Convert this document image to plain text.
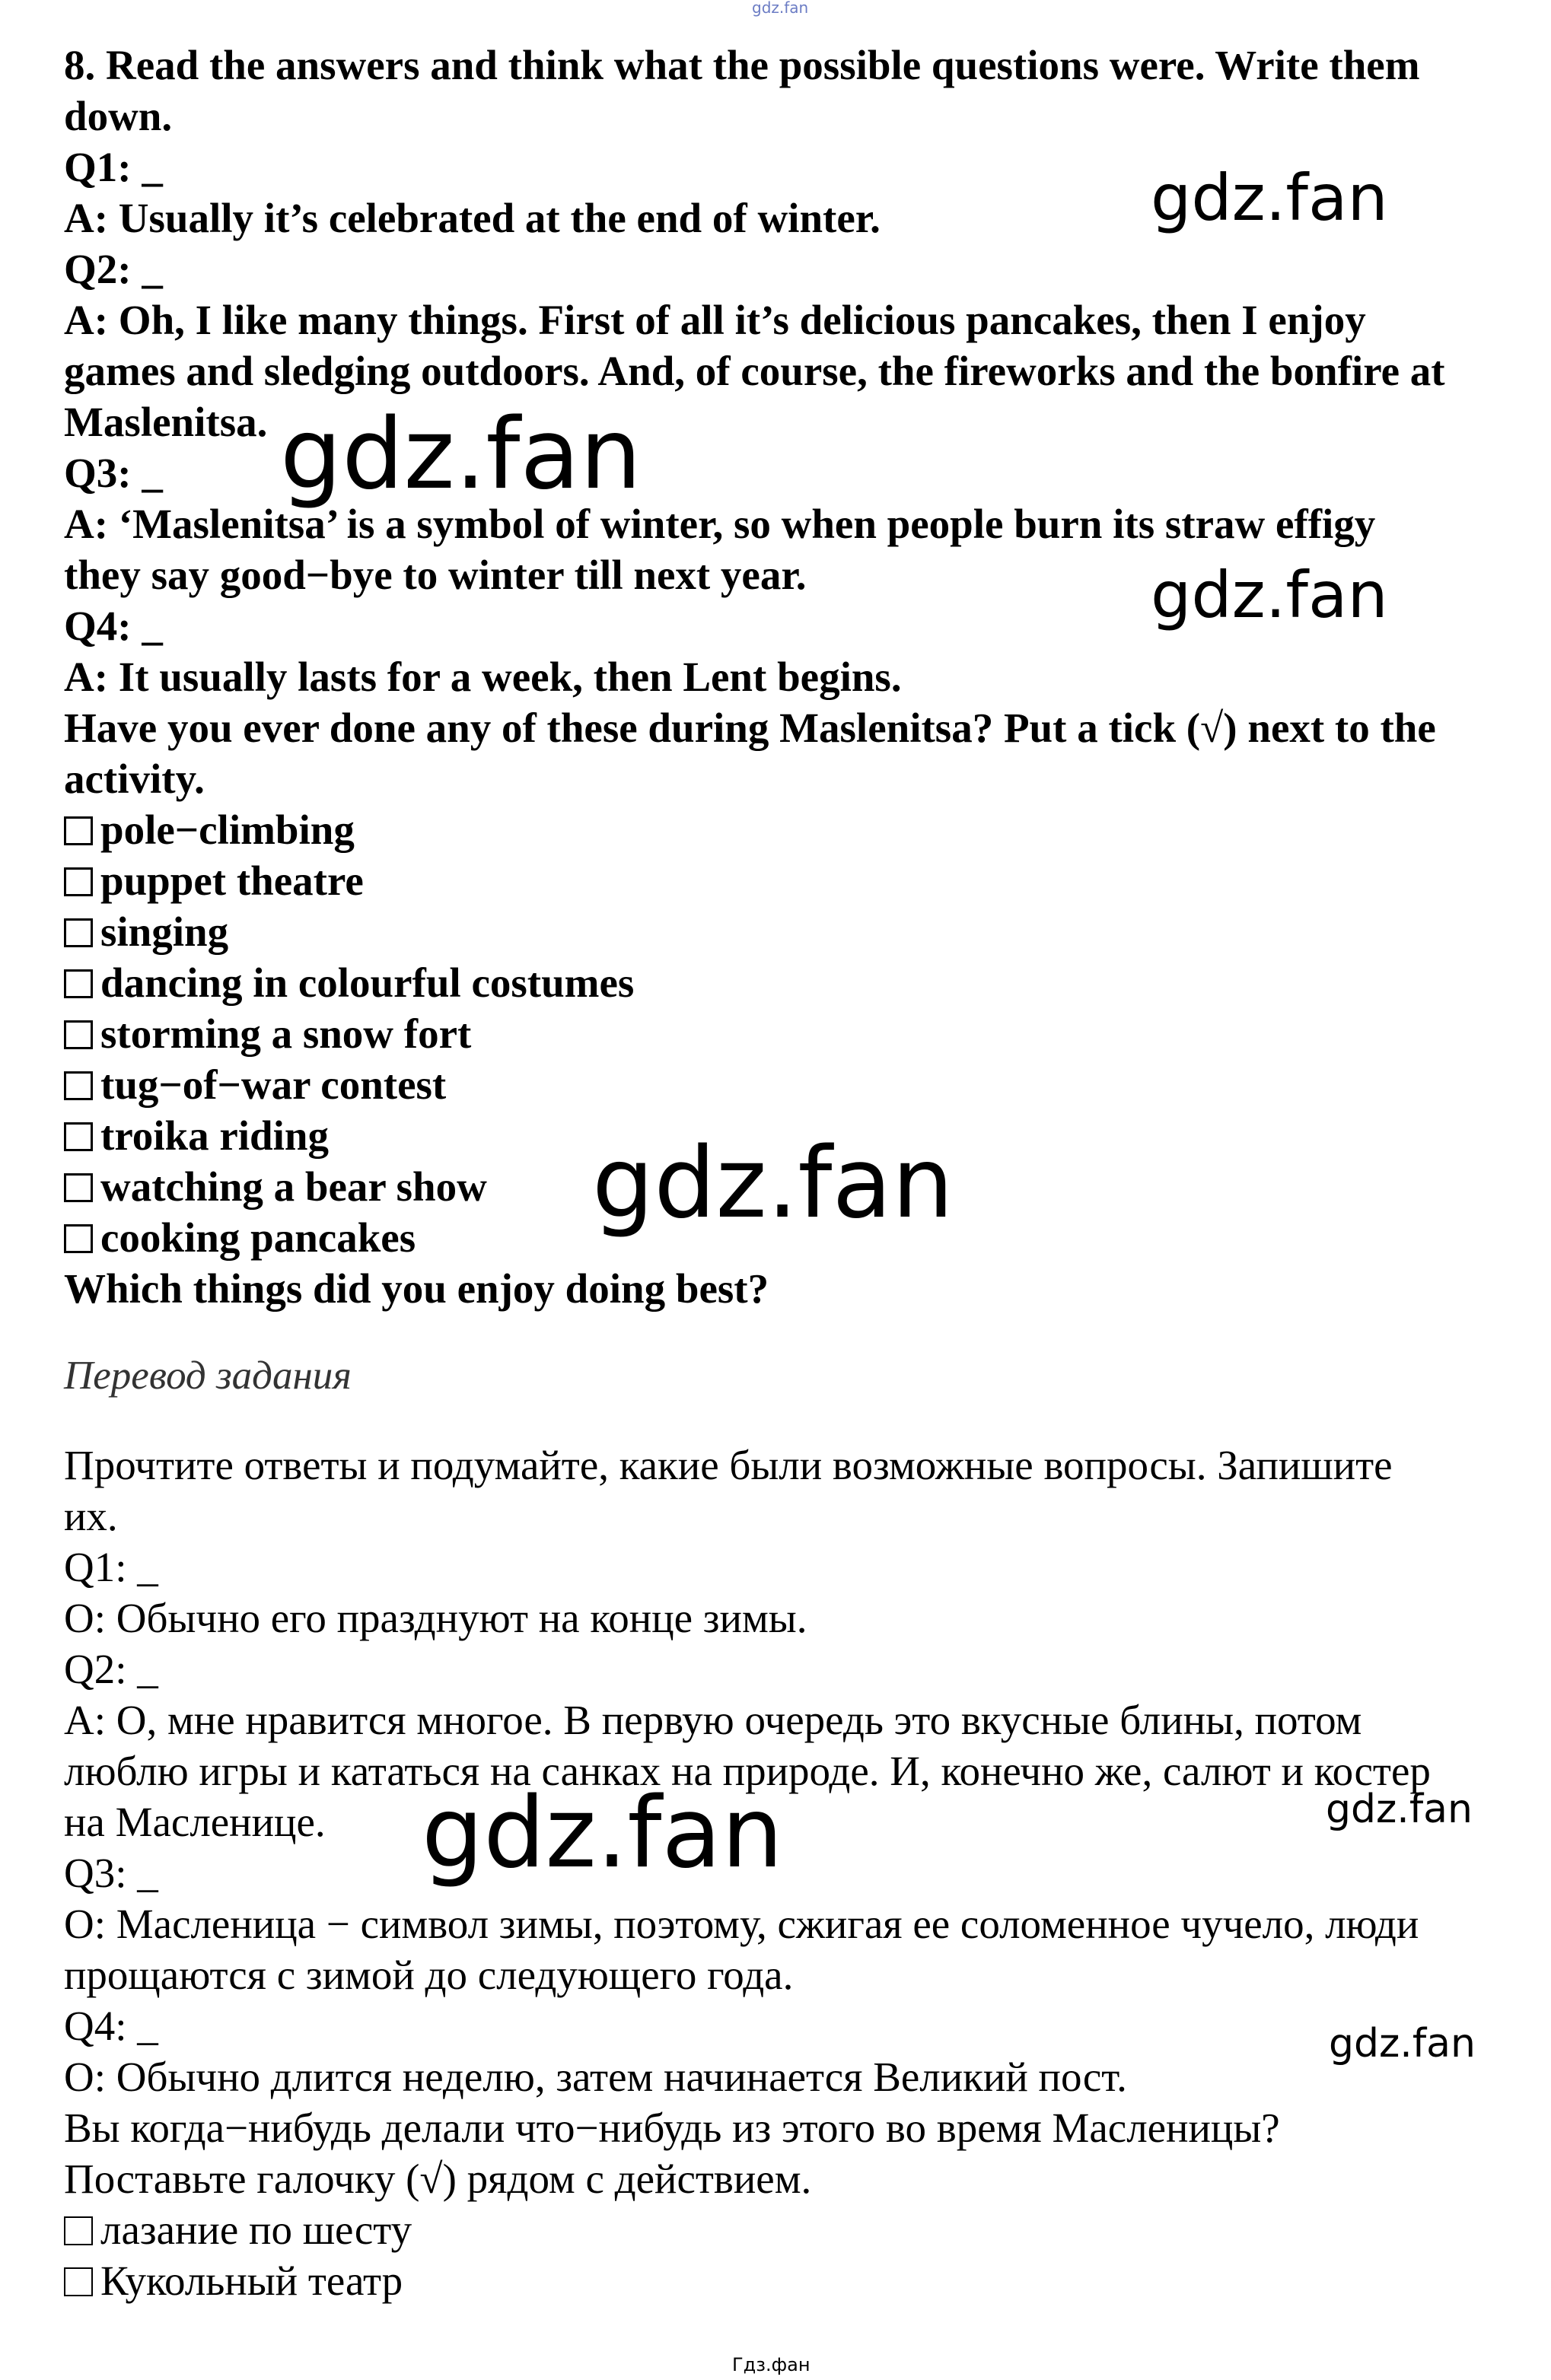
gdz.fan
8. Read the answers and think what the possible questions were. Write them
down.
Q1: _
A: Usually it’s celebrated at the end of winter.
Q2: _
A: Oh, I like many things. First of all it’s delicious pancakes, then I enjoy
games and sledging outdoors. And, of course, the fireworks and the bonfire at
Maslenitsa.
Q3: _
A: ‘Maslenitsa’ is a symbol of winter, so when people burn its straw effigy
they say good−bye to winter till next year.
Q4: _
A: It usually lasts for a week, then Lent begins.
Have you ever done any of these during Maslenitsa? Put a tick (√) next to the
activity.
pole−climbing
puppet theatre
singing
dancing in colourful costumes
storming a snow fort
tug−of−war contest
troika riding
watching a bear show
cooking pancakes
Which things did you enjoy doing best?
Перевод задания
Прочтите ответы и подумайте, какие были возможные вопросы. Запишите
их.
Q1: _
О: Обычно его празднуют на конце зимы.
Q2: _
А: О, мне нравится многое. В первую очередь это вкусные блины, потом
люблю игры и кататься на санках на природе. И, конечно же, салют и костер
на Масленице.
Q3: _
О: Масленица − символ зимы, поэтому, сжигая ее соломенное чучело, люди
прощаются с зимой до следующего года.
Q4: _
О: Обычно длится неделю, затем начинается Великий пост.
Вы когда−нибудь делали что−нибудь из этого во время Масленицы?
Поставьте галочку (√) рядом с действием.
лазание по шесту
Кукольный театр
gdz.fan
gdz.fan
gdz.fan
gdz.fan
gdz.fan	gdz.fan
gdz.fan
Гдз.фан
